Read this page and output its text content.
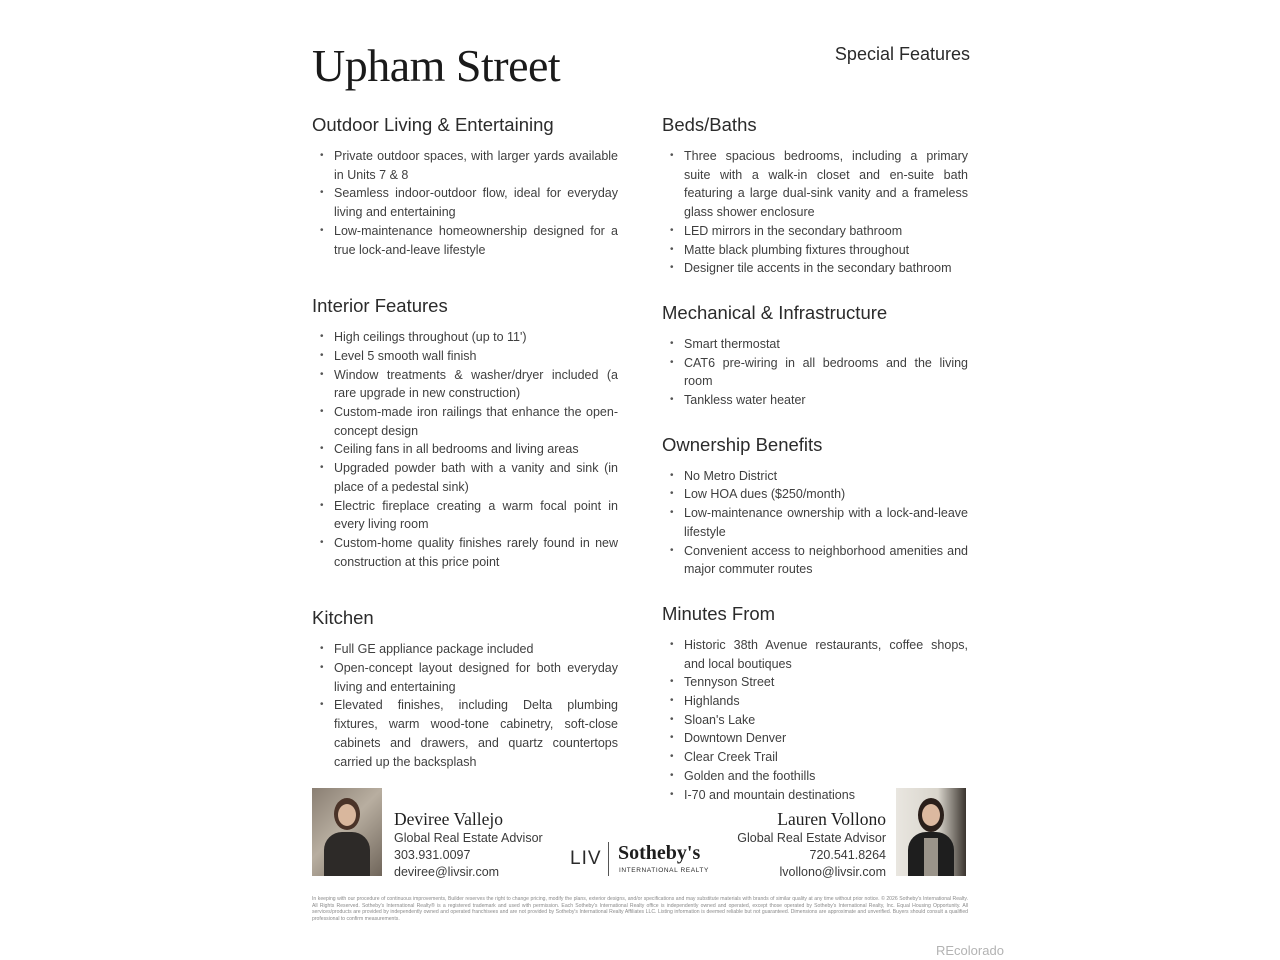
Upham Street	Special Features
Outdoor Living & Entertaining
• Private outdoor spaces, with larger yards available in Units 7 & 8
• Seamless indoor-outdoor flow, ideal for everyday living and entertaining
• Low-maintenance homeownership designed for a true lock-and-leave lifestyle
Interior Features
• High ceilings throughout (up to 11')
• Level 5 smooth wall finish
• Window treatments & washer/dryer included (a rare upgrade in new construction)
• Custom-made iron railings that enhance the open-concept design
• Ceiling fans in all bedrooms and living areas
• Upgraded powder bath with a vanity and sink (in place of a pedestal sink)
• Electric fireplace creating a warm focal point in every living room
• Custom-home quality finishes rarely found in new construction at this price point
Kitchen
• Full GE appliance package included
• Open-concept layout designed for both everyday living and entertaining
• Elevated finishes, including Delta plumbing fixtures, warm wood-tone cabinetry, soft-close cabinets and drawers, and quartz countertops carried up the backsplash
Beds/Baths
• Three spacious bedrooms, including a primary suite with a walk-in closet and en-suite bath featuring a large dual-sink vanity and a frameless glass shower enclosure
• LED mirrors in the secondary bathroom
• Matte black plumbing fixtures throughout
• Designer tile accents in the secondary bathroom
Mechanical & Infrastructure
• Smart thermostat
• CAT6 pre-wiring in all bedrooms and the living room
• Tankless water heater
Ownership Benefits
• No Metro District
• Low HOA dues ($250/month)
• Low-maintenance ownership with a lock-and-leave lifestyle
• Convenient access to neighborhood amenities and major commuter routes
Minutes From
• Historic 38th Avenue restaurants, coffee shops, and local boutiques
• Tennyson Street
• Highlands
• Sloan's Lake
• Downtown Denver
• Clear Creek Trail
• Golden and the foothills
• I-70 and mountain destinations
Deviree Vallejo
Global Real Estate Advisor
303.931.0097
deviree@livsir.com
LIV Sotheby's
INTERNATIONAL REALTY
Lauren Vollono
Global Real Estate Advisor
720.541.8264
lvollono@livsir.com
In keeping with our procedure of continuous improvements, Builder reserves the right to change pricing, modify the plans, exterior designs, and/or specifications and may substitute materials with brands of similar quality at any time without prior notice. © 2026 Sotheby's International Realty. All Rights Reserved. Sotheby's International Realty® is a registered trademark and used with permission. Each Sotheby's International Realty office is independently owned and operated, except those operated by Sotheby's International Realty, Inc. Equal Housing Opportunity. All services/products are provided by independently owned and operated franchisees and are not provided by Sotheby's International Realty Affiliates LLC. Listing information is deemed reliable but not guaranteed. Dimensions are approximate and unverified. Buyers should consult a qualified professional to confirm measurements.
REcolorado
